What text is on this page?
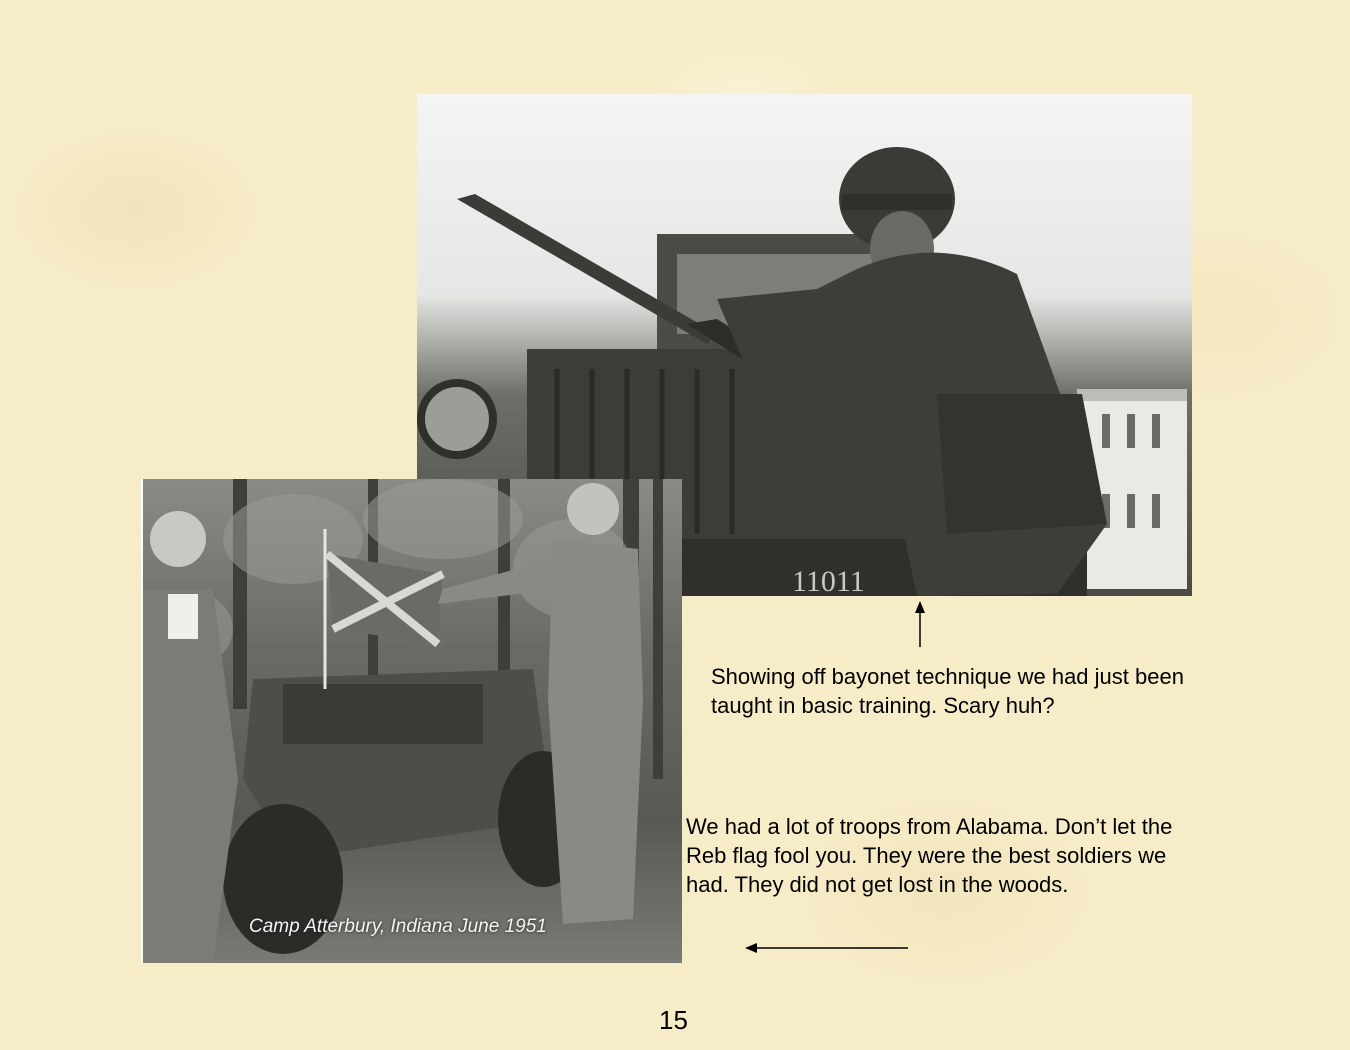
11011
Camp Atterbury, Indiana June 1951
Showing off bayonet technique we had just been taught in basic training. Scary huh?
We had a lot of troops from Alabama. Don’t let the Reb flag fool you. They were the best soldiers we had. They did not get lost in the woods.
15
